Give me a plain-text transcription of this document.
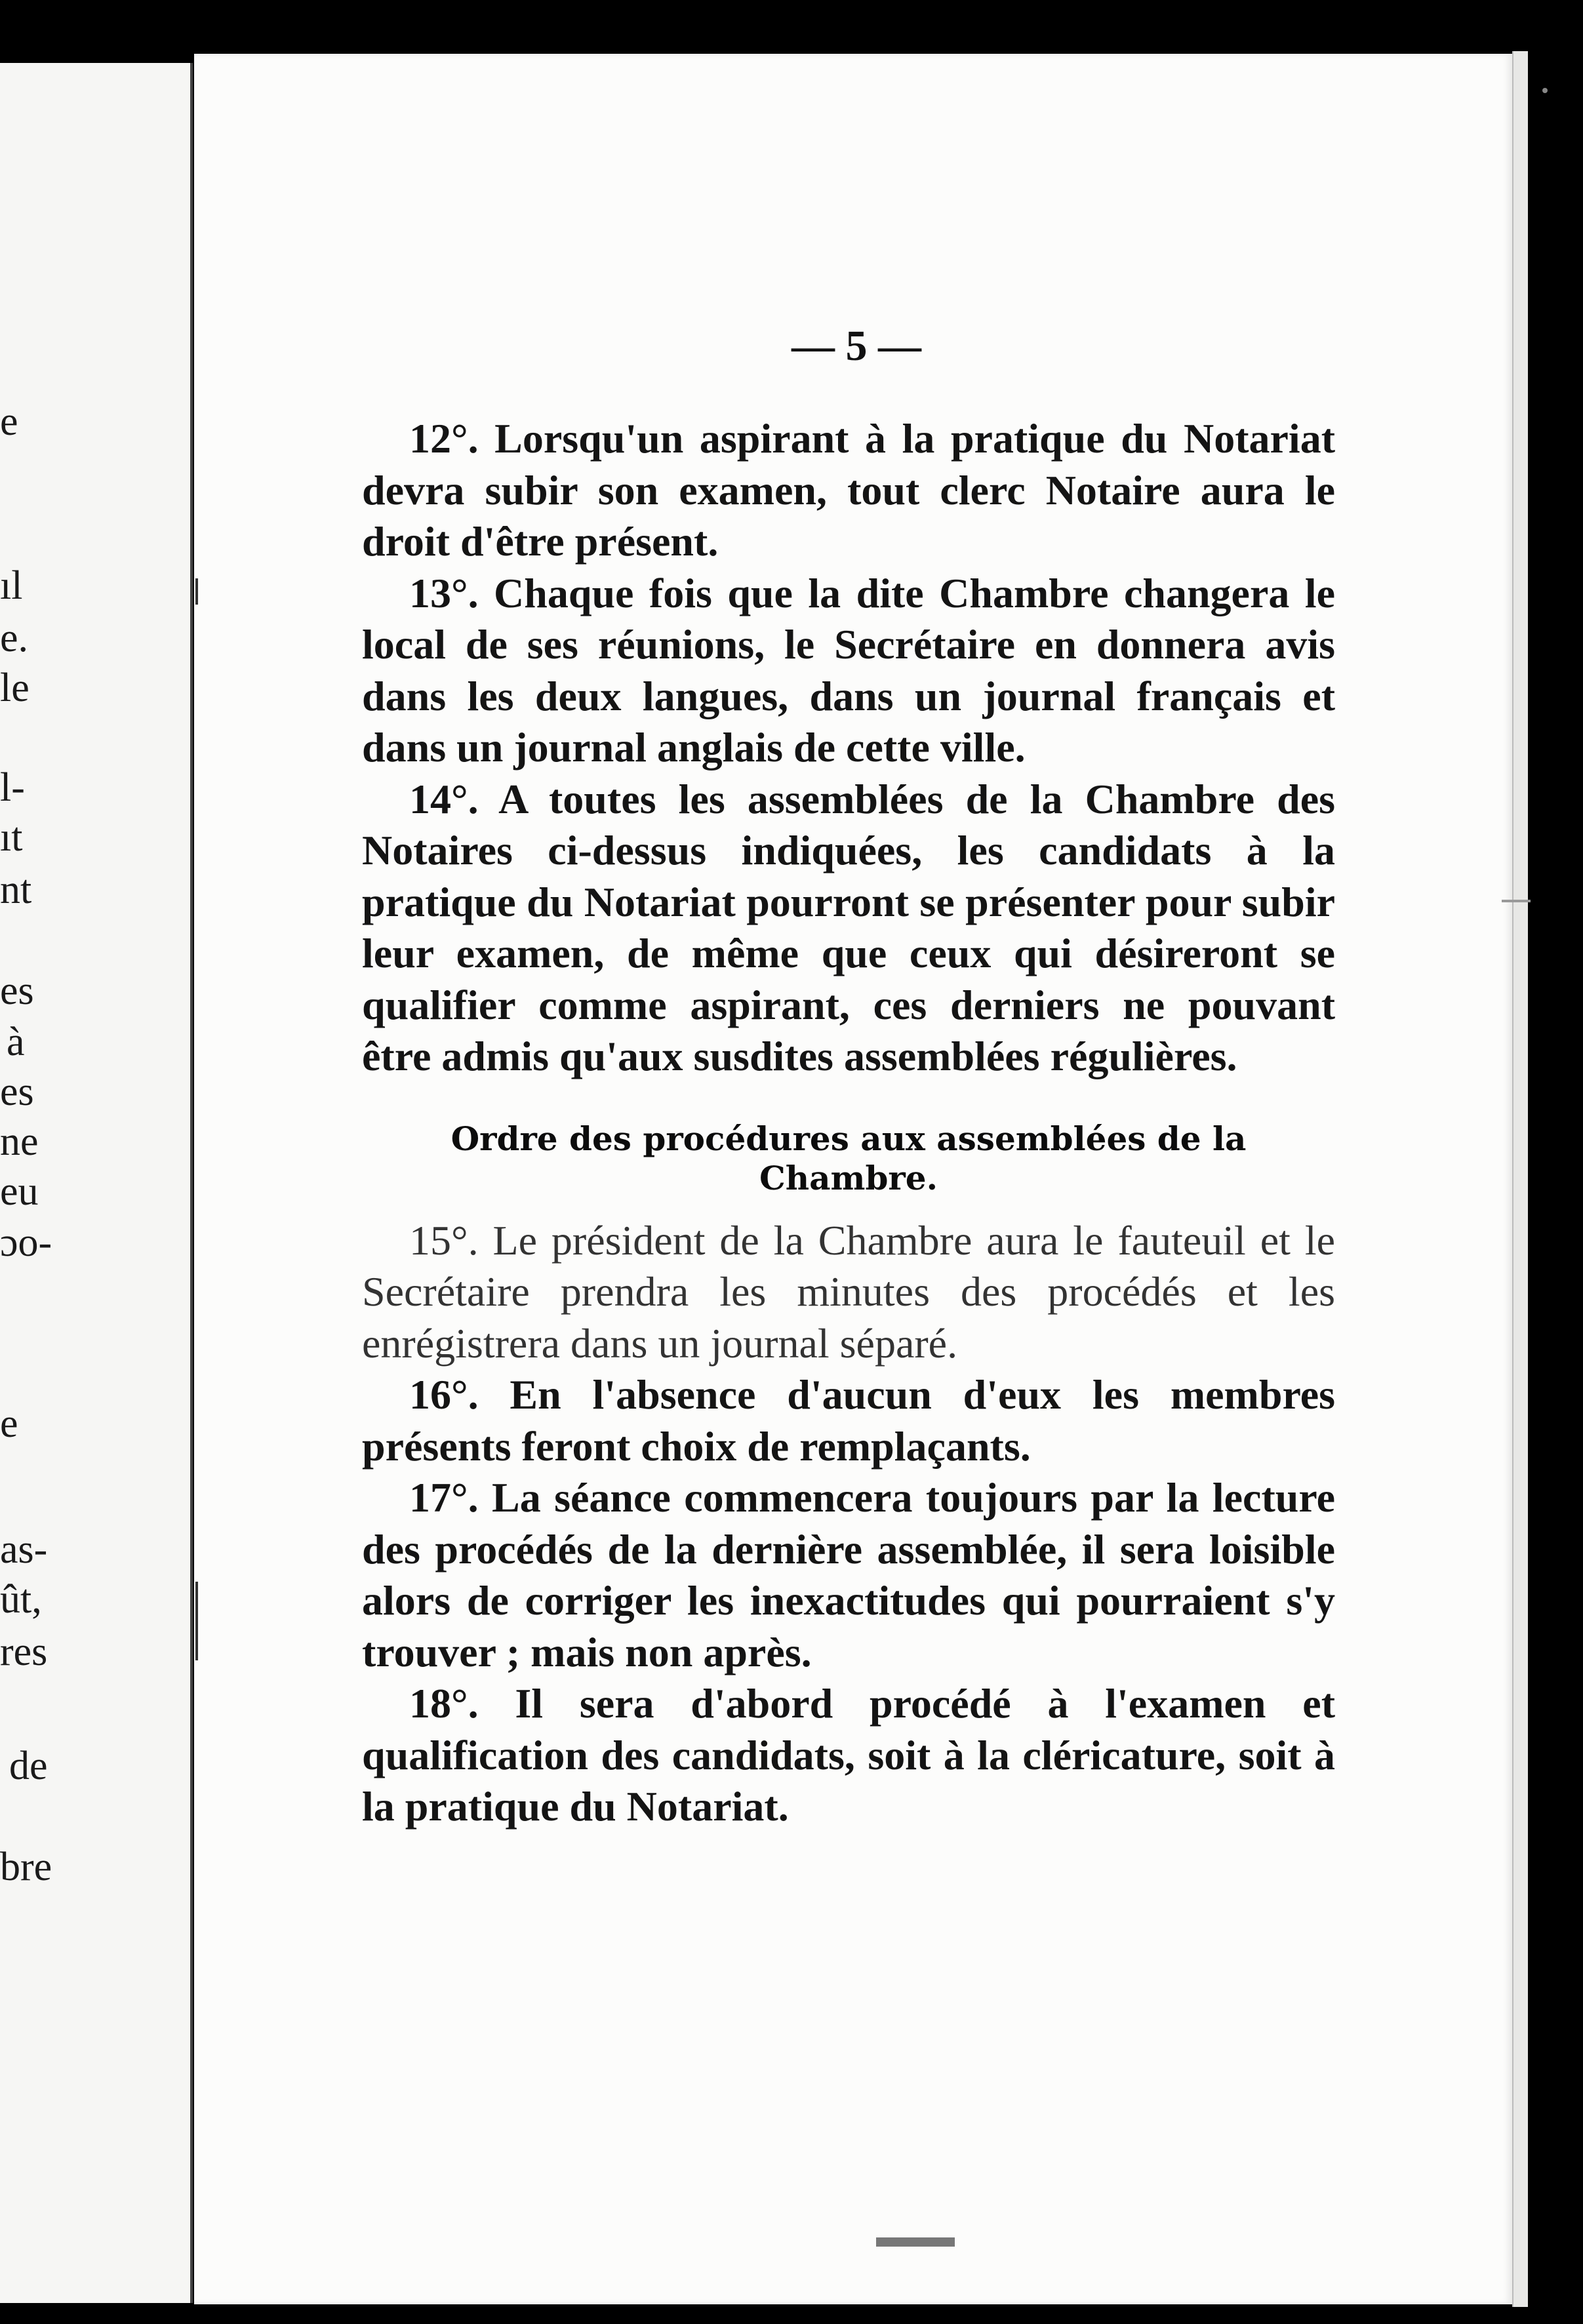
e
ıl
e.
le
l-
ıt
nt
es
à
es
ne
eu
ɔo-
e
as-
ût,
res
de
bre
— 5 —

12°. Lorsqu'un aspirant à la pratique du Notariat devra subir son examen, tout clerc Notaire aura le droit d'être présent.

13°. Chaque fois que la dite Chambre changera le local de ses réunions, le Secrétaire en donnera avis dans les deux langues, dans un journal français et dans un journal anglais de cette ville.

14°. A toutes les assemblées de la Chambre des Notaires ci-dessus indiquées, les candidats à la pratique du Notariat pourront se présenter pour subir leur examen, de même que ceux qui désireront se qualifier comme aspirant, ces derniers ne pouvant être admis qu'aux susdites assemblées régulières.

Ordre des procédures aux assemblées de la Chambre.

15°. Le président de la Chambre aura le fauteuil et le Secrétaire prendra les minutes des procédés et les enrégistrera dans un journal séparé.

16°. En l'absence d'aucun d'eux les membres présents feront choix de remplaçants.

17°. La séance commencera toujours par la lecture des procédés de la dernière assemblée, il sera loisible alors de corriger les inexactitudes qui pourraient s'y trouver ; mais non après.

18°. Il sera d'abord procédé à l'examen et qualification des candidats, soit à la cléricature, soit à la pratique du Notariat.
